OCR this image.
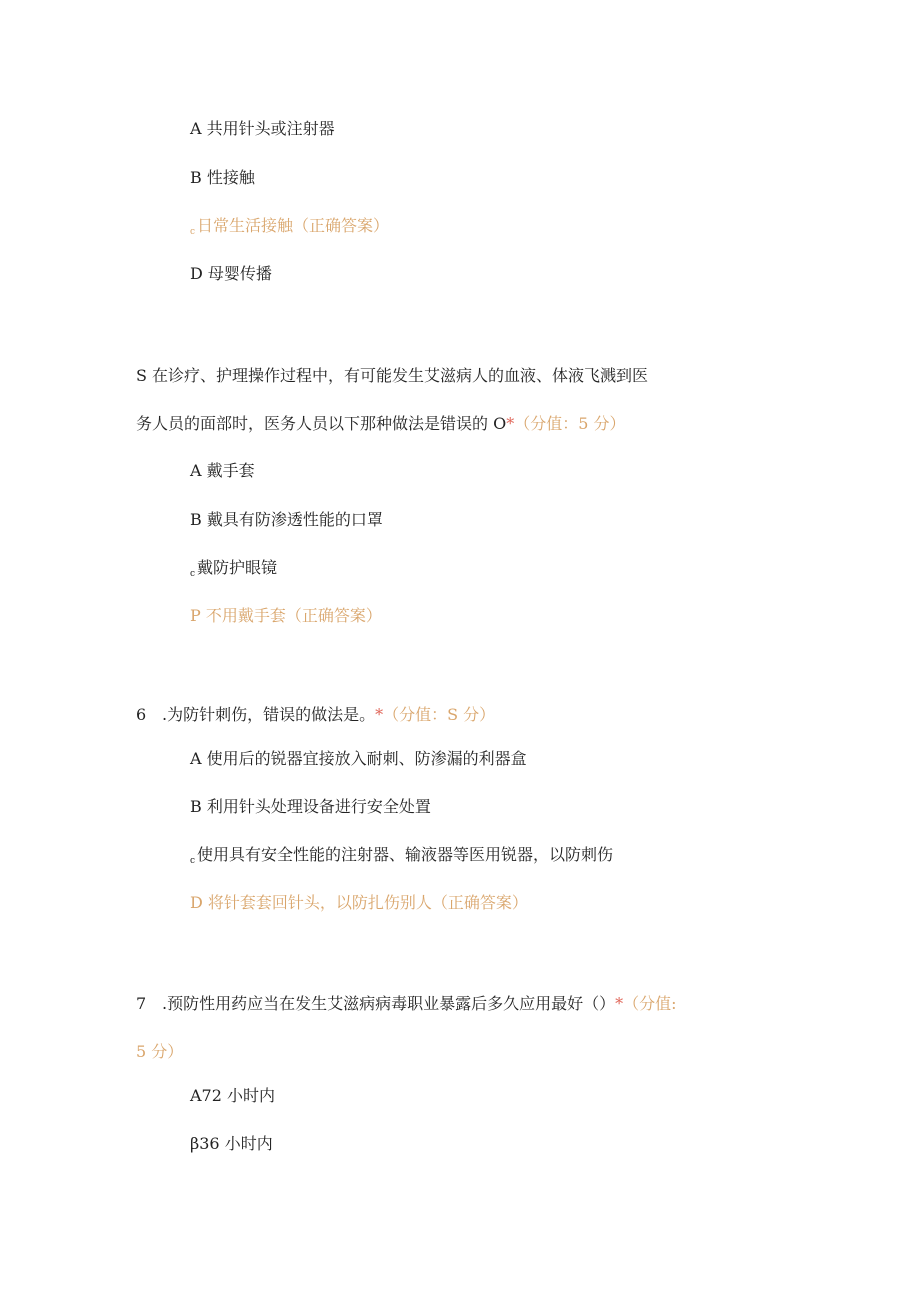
A 共用针头或注射器
B 性接触
c 日常生活接触（正确答案）
D 母婴传播
S 在诊疗、护理操作过程中，有可能发生艾滋病人的血液、体液飞溅到医
务人员的面部时，医务人员以下那种做法是错误的 O*（分值：5 分）
A 戴手套
B 戴具有防渗透性能的口罩
c 戴防护眼镜
P 不用戴手套（正确答案）
6 .为防针刺伤，错误的做法是。*（分值：S 分）
A 使用后的锐器宜接放入耐刺、防渗漏的利器盒
B 利用针头处理设备进行安全处置
c 使用具有安全性能的注射器、输液器等医用锐器，以防刺伤
D 将针套套回针头，以防扎伤别人（正确答案）
7 .预防性用药应当在发生艾滋病病毒职业暴露后多久应用最好（）*（分值:
5 分）
A72 小时内
β36 小时内
